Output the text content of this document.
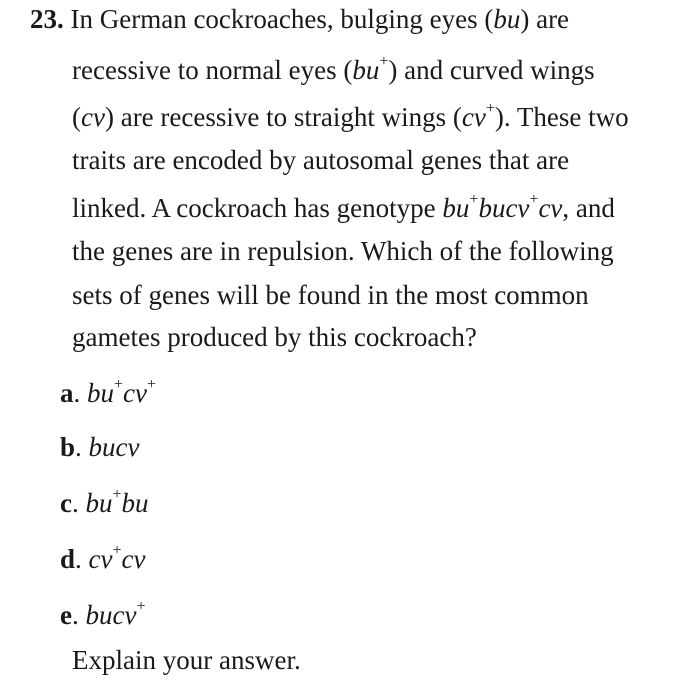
23. In German cockroaches, bulging eyes (bu) are
recessive to normal eyes (bu+) and curved wings
(cv) are recessive to straight wings (cv+). These two
traits are encoded by autosomal genes that are
linked. A cockroach has genotype bu+bucv+cv, and
the genes are in repulsion. Which of the following
sets of genes will be found in the most common
gametes produced by this cockroach?
a. bu+cv+
b. bucv
c. bu+bu
d. cv+cv
e. bucv+
Explain your answer.
